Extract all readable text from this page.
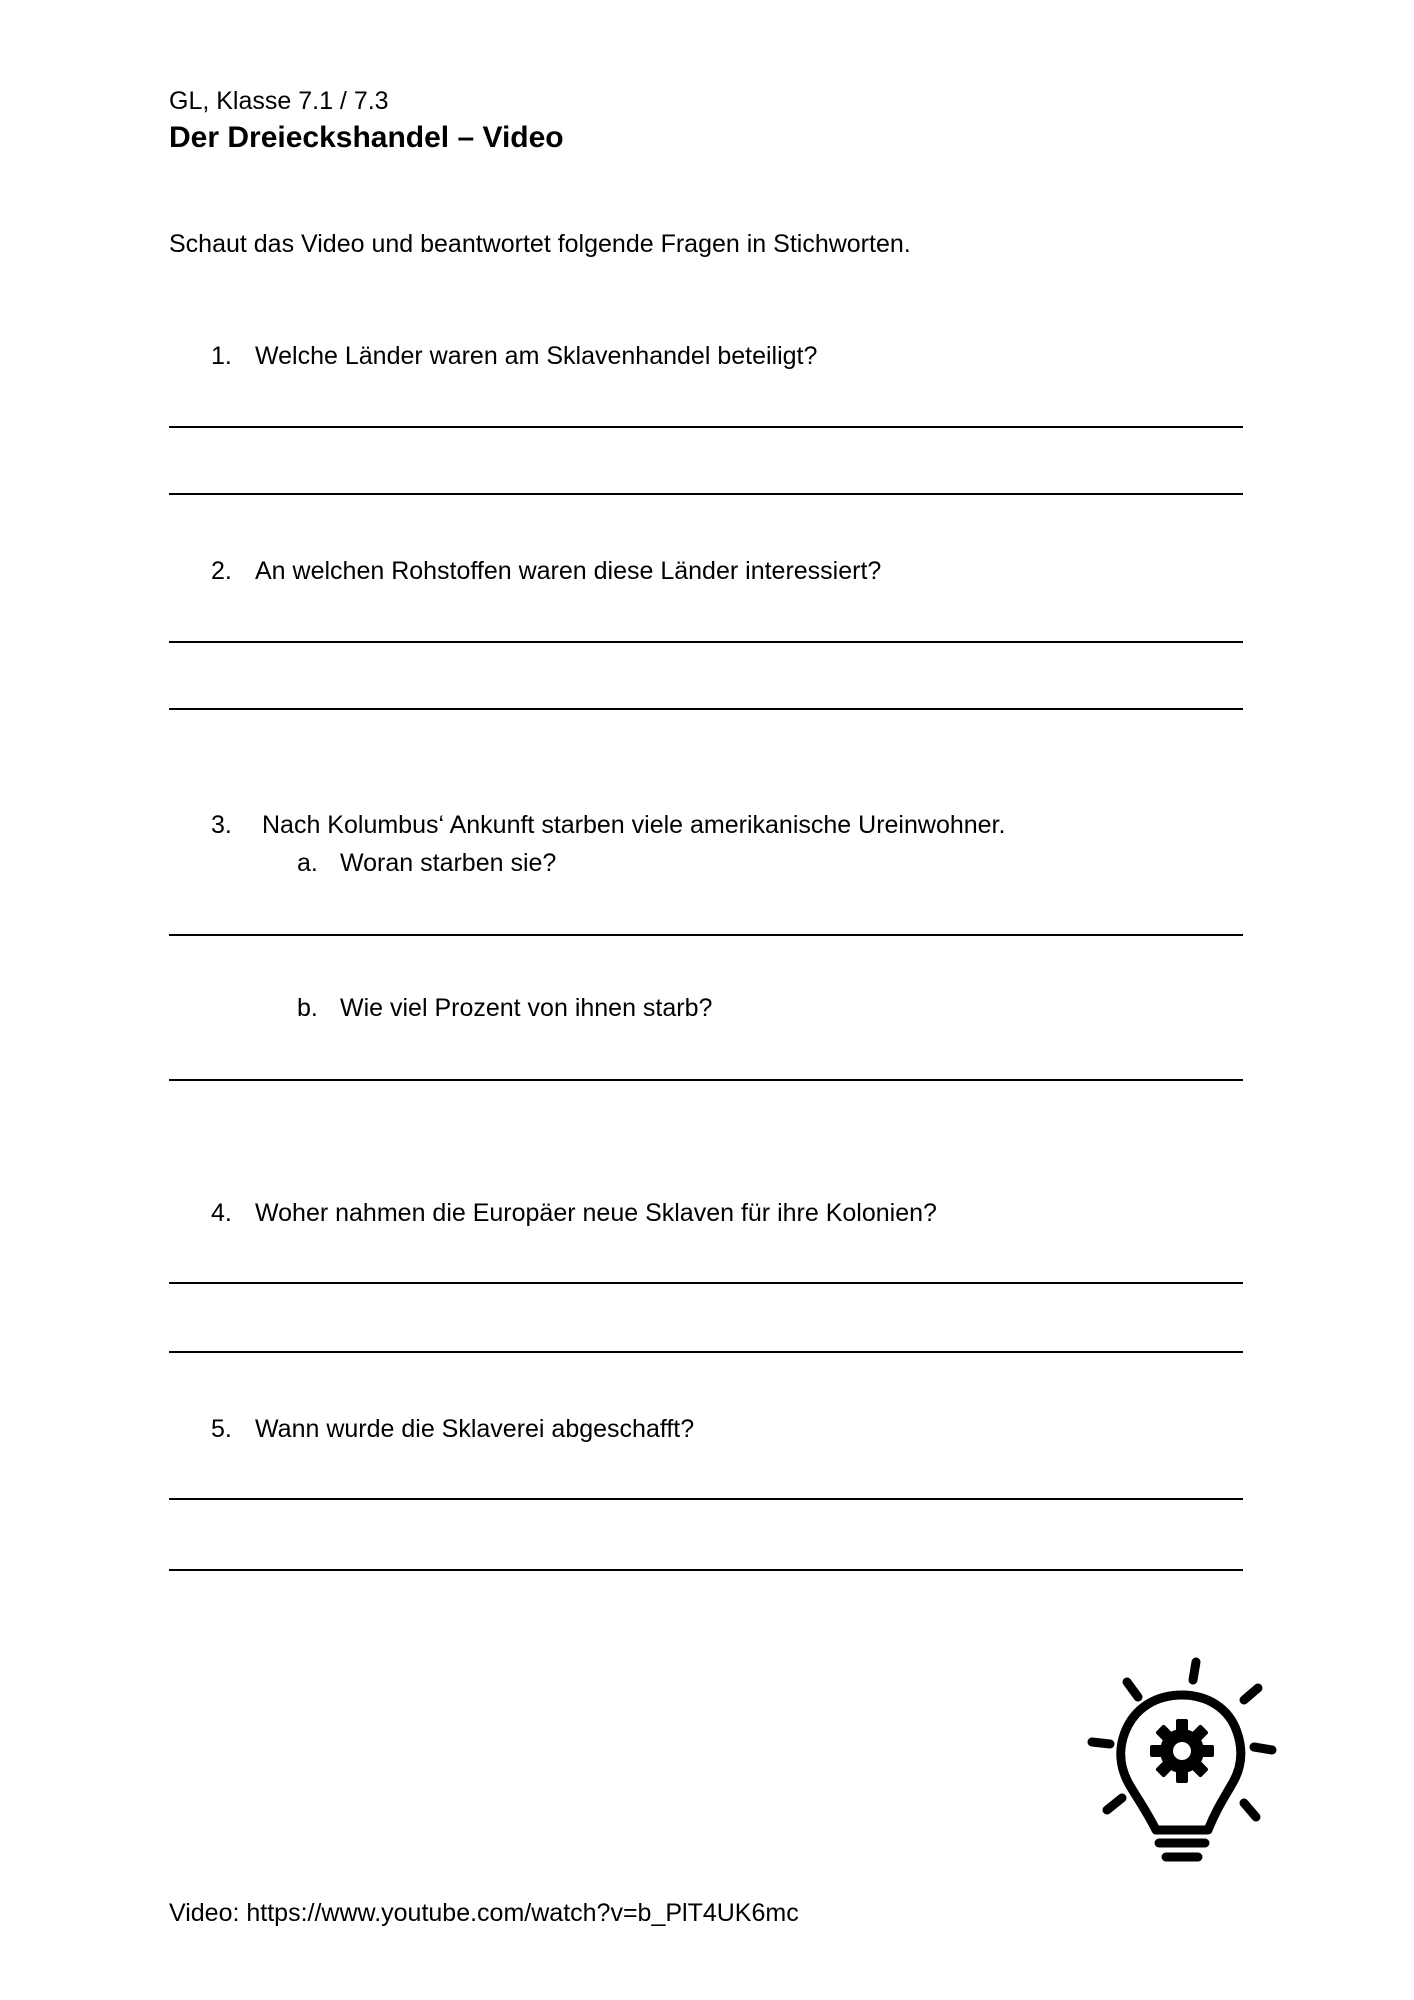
GL, Klasse 7.1 / 7.3
Der Dreieckshandel – Video
Schaut das Video und beantwortet folgende Fragen in Stichworten.
1. Welche Länder waren am Sklavenhandel beteiligt?
2. An welchen Rohstoffen waren diese Länder interessiert?
3. Nach Kolumbus‘ Ankunft starben viele amerikanische Ureinwohner.
a. Woran starben sie?
b. Wie viel Prozent von ihnen starb?
4. Woher nahmen die Europäer neue Sklaven für ihre Kolonien?
5. Wann wurde die Sklaverei abgeschafft?
Video: https://www.youtube.com/watch?v=b_PlT4UK6mc
